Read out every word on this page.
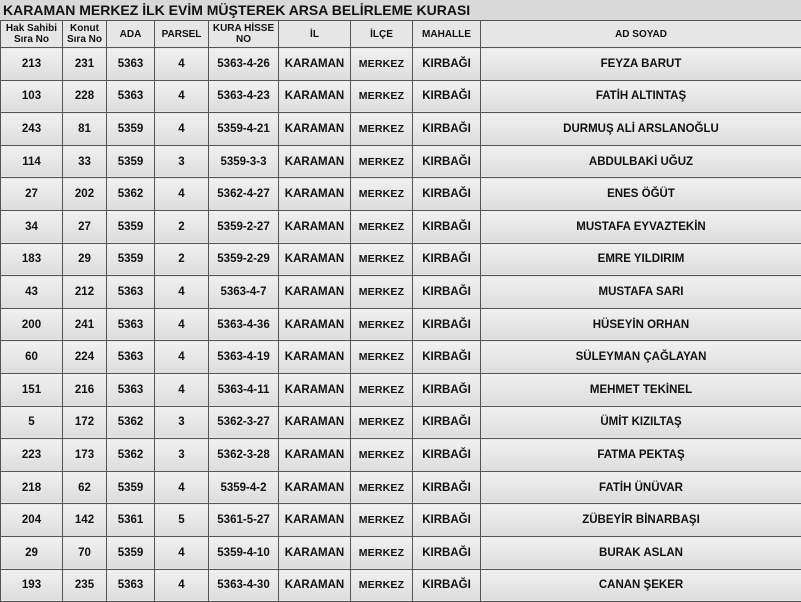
KARAMAN MERKEZ İLK EVİM MÜŞTEREK ARSA BELİRLEME KURASI
Hak Sahibi Sıra No	Konut Sıra No	ADA	PARSEL	KURA HİSSE NO	İL	İLÇE	MAHALLE	AD SOYAD
213	231	5363	4	5363-4-26	KARAMAN	MERKEZ	KIRBAĞI	FEYZA BARUT
103	228	5363	4	5363-4-23	KARAMAN	MERKEZ	KIRBAĞI	FATİH ALTINTAŞ
243	81	5359	4	5359-4-21	KARAMAN	MERKEZ	KIRBAĞI	DURMUŞ ALİ ARSLANOĞLU
114	33	5359	3	5359-3-3	KARAMAN	MERKEZ	KIRBAĞI	ABDULBAKİ UĞUZ
27	202	5362	4	5362-4-27	KARAMAN	MERKEZ	KIRBAĞI	ENES ÖĞÜT
34	27	5359	2	5359-2-27	KARAMAN	MERKEZ	KIRBAĞI	MUSTAFA EYVAZTEKİN
183	29	5359	2	5359-2-29	KARAMAN	MERKEZ	KIRBAĞI	EMRE YILDIRIM
43	212	5363	4	5363-4-7	KARAMAN	MERKEZ	KIRBAĞI	MUSTAFA SARI
200	241	5363	4	5363-4-36	KARAMAN	MERKEZ	KIRBAĞI	HÜSEYİN ORHAN
60	224	5363	4	5363-4-19	KARAMAN	MERKEZ	KIRBAĞI	SÜLEYMAN ÇAĞLAYAN
151	216	5363	4	5363-4-11	KARAMAN	MERKEZ	KIRBAĞI	MEHMET TEKİNEL
5	172	5362	3	5362-3-27	KARAMAN	MERKEZ	KIRBAĞI	ÜMİT KIZILTAŞ
223	173	5362	3	5362-3-28	KARAMAN	MERKEZ	KIRBAĞI	FATMA PEKTAŞ
218	62	5359	4	5359-4-2	KARAMAN	MERKEZ	KIRBAĞI	FATİH ÜNÜVAR
204	142	5361	5	5361-5-27	KARAMAN	MERKEZ	KIRBAĞI	ZÜBEYİR BİNARBAŞI
29	70	5359	4	5359-4-10	KARAMAN	MERKEZ	KIRBAĞI	BURAK ASLAN
193	235	5363	4	5363-4-30	KARAMAN	MERKEZ	KIRBAĞI	CANAN ŞEKER
